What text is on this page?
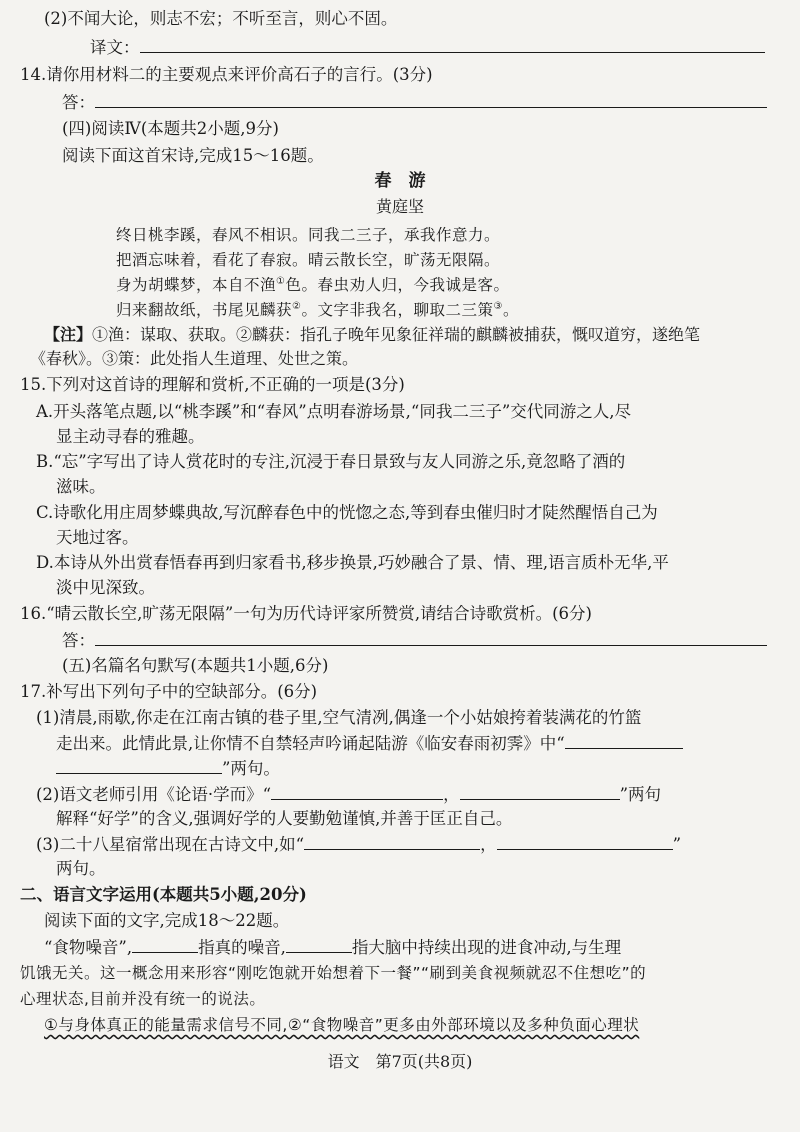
(2)不闻大论，则志不宏；不听至言，则心不固。
译文：
14.请你用材料二的主要观点来评价高石子的言行。(3分)
答：
(四)阅读Ⅳ(本题共2小题,9分)
阅读下面这首宋诗,完成15～16题。
春　游
黄庭坚
终日桃李蹊，春风不相识。同我二三子，承我作意力。
把酒忘味着，看花了春寂。晴云散长空，旷荡无限隔。
身为胡蝶梦，本自不渔①色。春虫劝人归，今我诚是客。
归来翻故纸，书尾见麟获②。文字非我名，聊取二三策③。
【注】①渔：谋取、获取。②麟获：指孔子晚年见象征祥瑞的麒麟被捕获，慨叹道穷，遂绝笔
《春秋》。③策：此处指人生道理、处世之策。
15.下列对这首诗的理解和赏析,不正确的一项是(3分)
A.开头落笔点题,以“桃李蹊”和“春风”点明春游场景,“同我二三子”交代同游之人,尽
显主动寻春的雅趣。
B.“忘”字写出了诗人赏花时的专注,沉浸于春日景致与友人同游之乐,竟忽略了酒的
滋味。
C.诗歌化用庄周梦蝶典故,写沉醉春色中的恍惚之态,等到春虫催归时才陡然醒悟自己为
天地过客。
D.本诗从外出赏春悟春再到归家看书,移步换景,巧妙融合了景、情、理,语言质朴无华,平
淡中见深致。
16.“晴云散长空,旷荡无限隔”一句为历代诗评家所赞赏,请结合诗歌赏析。(6分)
答：
(五)名篇名句默写(本题共1小题,6分)
17.补写出下列句子中的空缺部分。(6分)
(1)清晨,雨歇,你走在江南古镇的巷子里,空气清冽,偶逢一个小姑娘挎着装满花的竹篮
走出来。此情此景,让你情不自禁轻声吟诵起陆游《临安春雨初霁》中“
”两句。
(2)语文老师引用《论语·学而》“	，	”两句
解释“好学”的含义,强调好学的人要勤勉谨慎,并善于匡正自己。
(3)二十八星宿常出现在古诗文中,如“	，	”
两句。
二、语言文字运用(本题共5小题,20分)
阅读下面的文字,完成18～22题。
“食物噪音”,	指真的噪音,	指大脑中持续出现的进食冲动,与生理
饥饿无关。这一概念用来形容“刚吃饱就开始想着下一餐”“刷到美食视频就忍不住想吃”的
心理状态,目前并没有统一的说法。
①与身体真正的能量需求信号不同,②“食物噪音”更多由外部环境以及多种负面心理状
语文　第7页(共8页)
